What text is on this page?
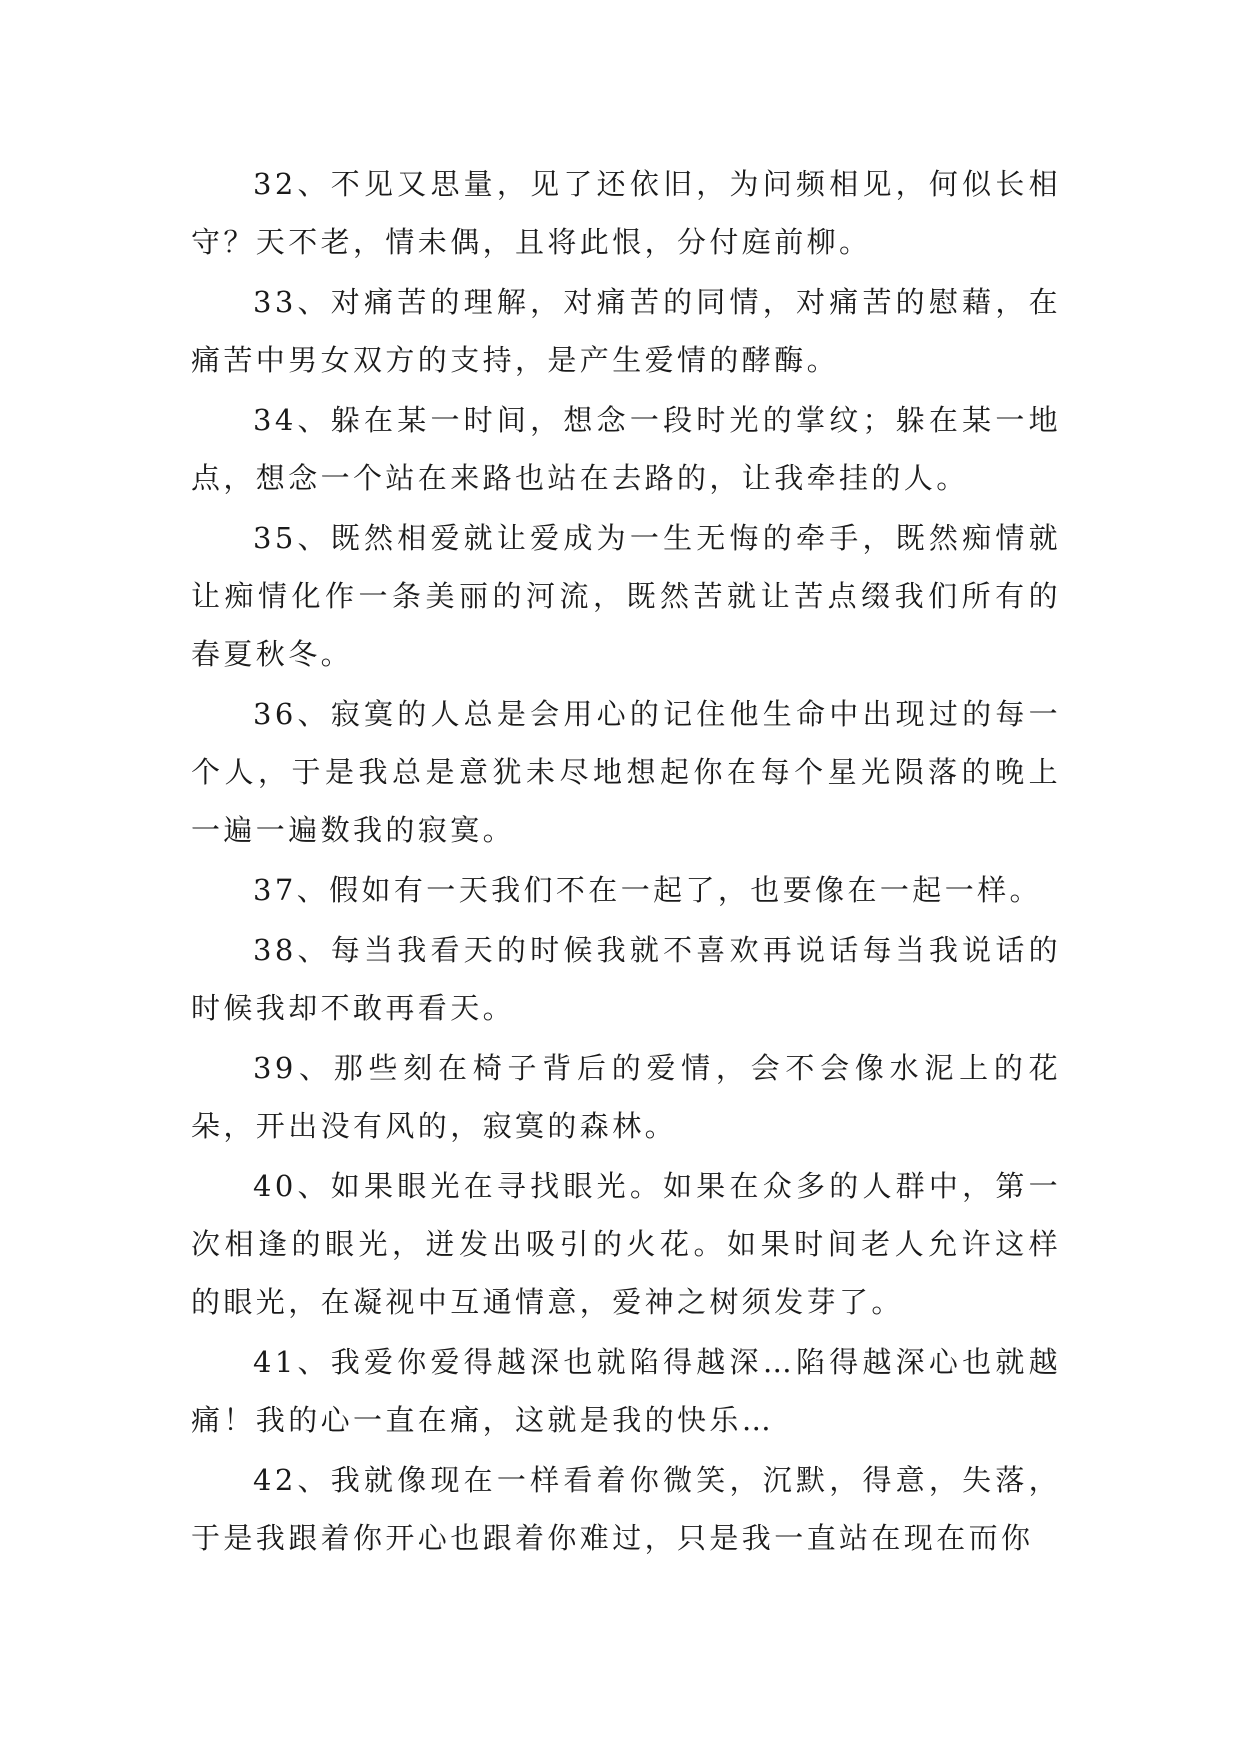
32、不见又思量，见了还依旧，为问频相见，何似长相守？天不老，情未偶，且将此恨，分付庭前柳。

33、对痛苦的理解，对痛苦的同情，对痛苦的慰藉，在痛苦中男女双方的支持，是产生爱情的酵酶。

34、躲在某一时间，想念一段时光的掌纹；躲在某一地点，想念一个站在来路也站在去路的，让我牵挂的人。

35、既然相爱就让爱成为一生无悔的牵手，既然痴情就让痴情化作一条美丽的河流，既然苦就让苦点缀我们所有的春夏秋冬。

36、寂寞的人总是会用心的记住他生命中出现过的每一个人，于是我总是意犹未尽地想起你在每个星光陨落的晚上一遍一遍数我的寂寞。

37、假如有一天我们不在一起了，也要像在一起一样。

38、每当我看天的时候我就不喜欢再说话每当我说话的时候我却不敢再看天。

39、那些刻在椅子背后的爱情，会不会像水泥上的花朵，开出没有风的，寂寞的森林。

40、如果眼光在寻找眼光。如果在众多的人群中，第一次相逢的眼光，迸发出吸引的火花。如果时间老人允许这样的眼光，在凝视中互通情意，爱神之树须发芽了。

41、我爱你爱得越深也就陷得越深…陷得越深心也就越痛！我的心一直在痛，这就是我的快乐…

42、我就像现在一样看着你微笑，沉默，得意，失落，于是我跟着你开心也跟着你难过，只是我一直站在现在而你
